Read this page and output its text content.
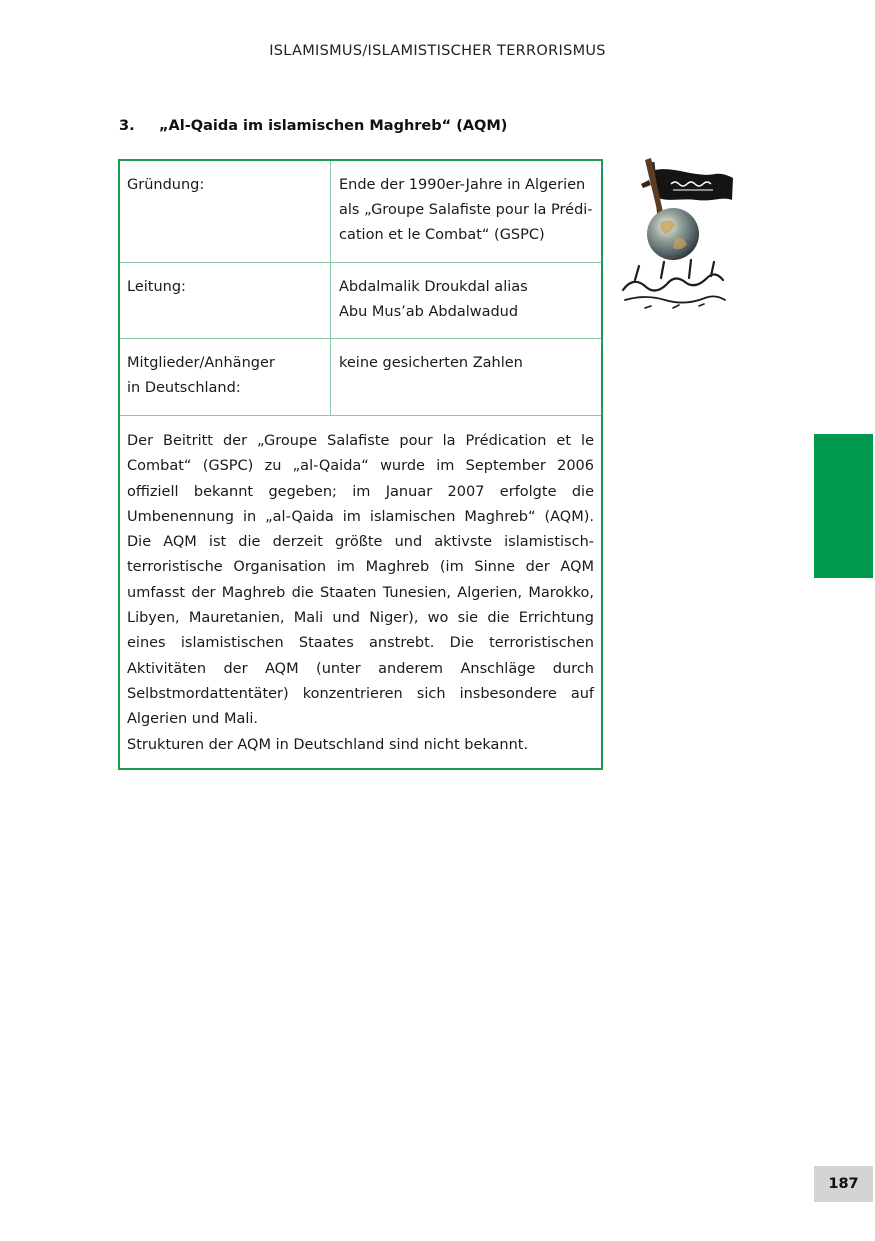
ISLAMISMUS/ISLAMISTISCHER TERRORISMUS
3. „Al-Qaida im islamischen Maghreb“ (AQM)
Gründung:	Ende der 1990er-Jahre in Algerien
als „Groupe Salafiste pour la Prédi-
cation et le Combat“ (GSPC)
Leitung:	Abdalmalik Droukdal alias
Abu Mus’ab Abdalwadud
Mitglieder/Anhänger
in Deutschland:
keine gesicherten Zahlen

Der Beitritt der „Groupe Salafiste pour la Prédication et le Combat“ (GSPC) zu „al-Qaida“ wurde im September 2006 offiziell bekannt gegeben; im Januar 2007 erfolgte die Umbenennung in „al-Qaida im islamischen Maghreb“ (AQM). Die AQM ist die derzeit größte und aktivste islamistisch-terroristische Organisation im Maghreb (im Sinne der AQM umfasst der Maghreb die Staaten Tunesien, Algerien, Marokko, Libyen, Mauretanien, Mali und Niger), wo sie die Errichtung eines islamistischen Staates anstrebt. Die terroristischen Aktivitäten der AQM (unter anderem Anschläge durch Selbstmordattentäter) konzentrieren sich insbesondere auf Algerien und Mali.

Strukturen der AQM in Deutschland sind nicht bekannt.

187
